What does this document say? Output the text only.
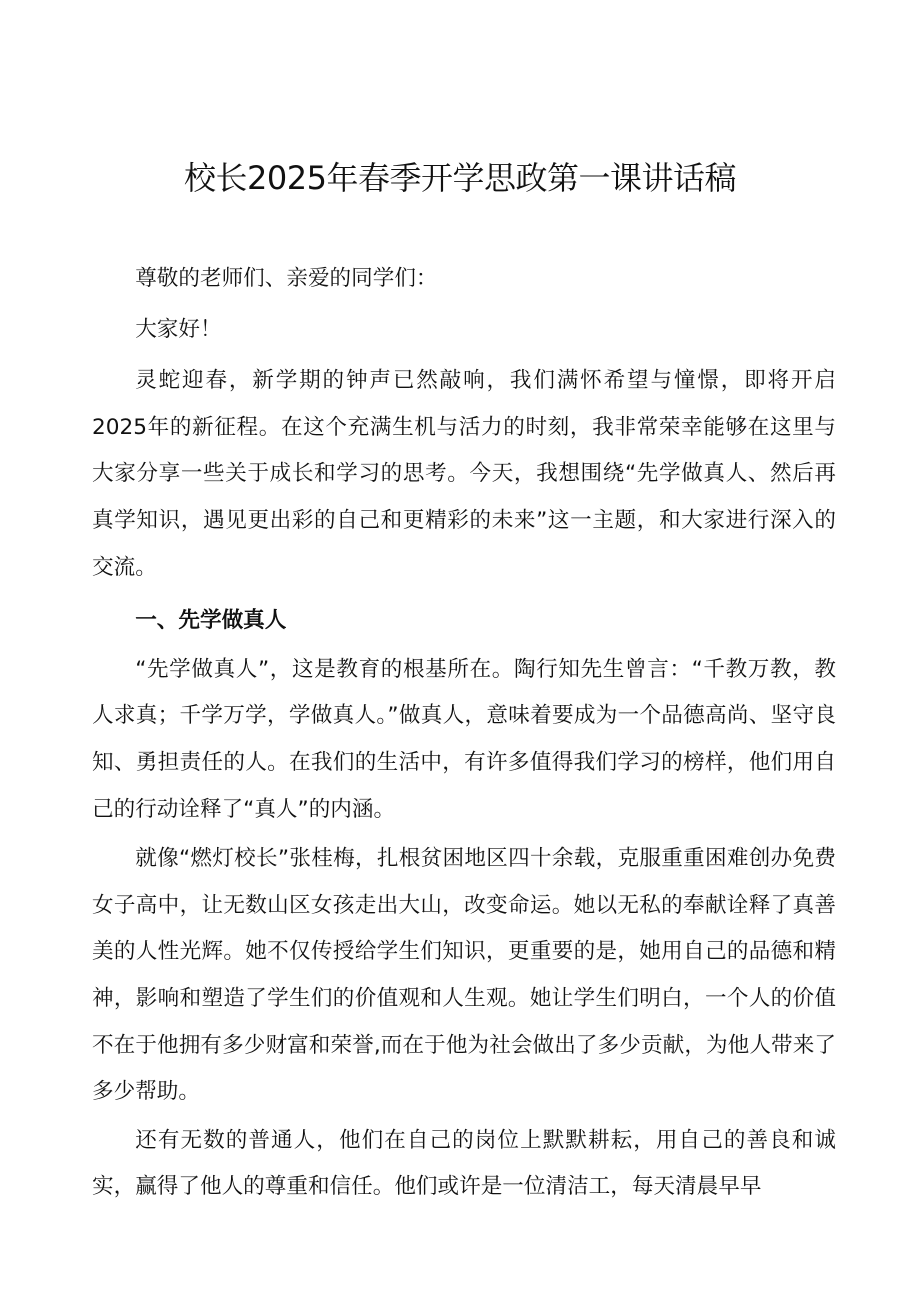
校长2025年春季开学思政第一课讲话稿

尊敬的老师们、亲爱的同学们：

大家好！

灵蛇迎春，新学期的钟声已然敲响，我们满怀希望与憧憬，即将开启2025年的新征程。在这个充满生机与活力的时刻，我非常荣幸能够在这里与大家分享一些关于成长和学习的思考。今天，我想围绕“先学做真人、然后再真学知识，遇见更出彩的自己和更精彩的未来”这一主题，和大家进行深入的交流。

一、先学做真人

“先学做真人”，这是教育的根基所在。陶行知先生曾言：“千教万教，教人求真；千学万学，学做真人。”做真人，意味着要成为一个品德高尚、坚守良知、勇担责任的人。在我们的生活中，有许多值得我们学习的榜样，他们用自己的行动诠释了“真人”的内涵。

就像“燃灯校长”张桂梅，扎根贫困地区四十余载，克服重重困难创办免费女子高中，让无数山区女孩走出大山，改变命运。她以无私的奉献诠释了真善美的人性光辉。她不仅传授给学生们知识，更重要的是，她用自己的品德和精神，影响和塑造了学生们的价值观和人生观。她让学生们明白，一个人的价值不在于他拥有多少财富和荣誉,而在于他为社会做出了多少贡献，为他人带来了多少帮助。

还有无数的普通人，他们在自己的岗位上默默耕耘，用自己的善良和诚实，赢得了他人的尊重和信任。他们或许是一位清洁工，每天清晨早早
